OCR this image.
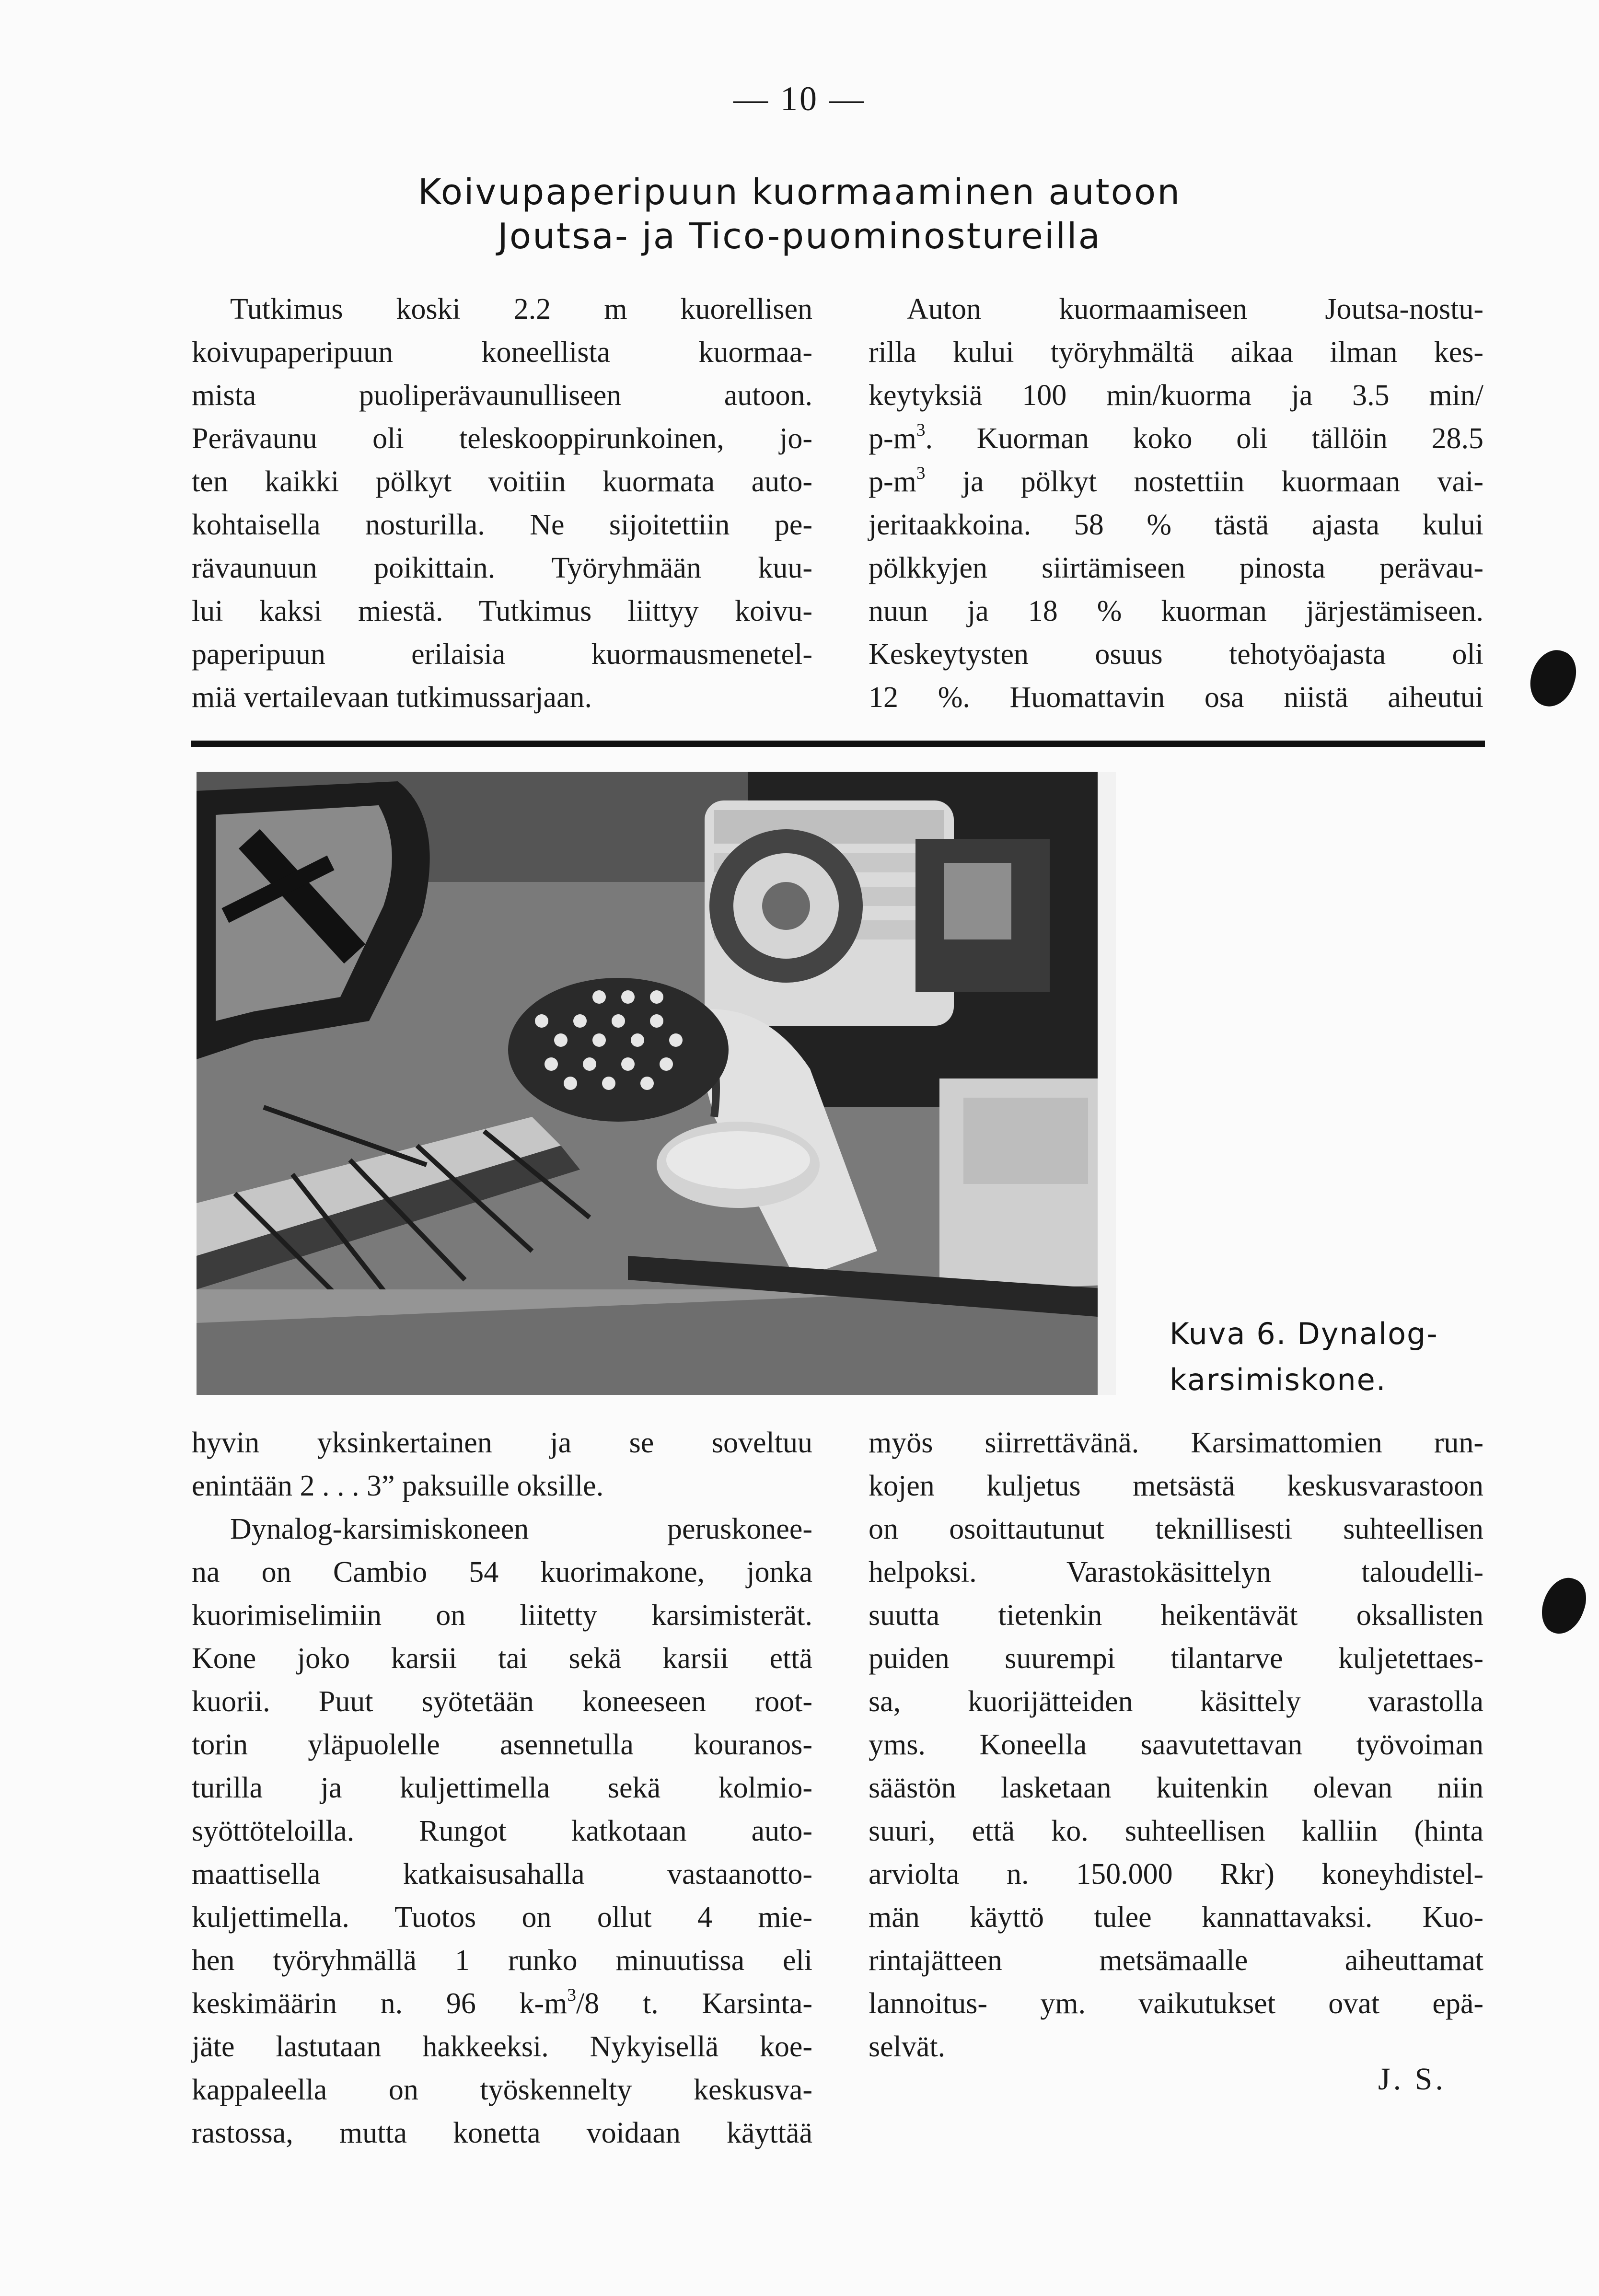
— 10 —
Koivupaperipuun kuormaaminen autoon
Joutsa- ja Tico-puominostureilla
Tutkimus koski 2.2 m kuorellisen
koivupaperipuun koneellista kuormaa-
mista puoliperävaunulliseen autoon.
Perävaunu oli teleskooppirunkoinen, jo-
ten kaikki pölkyt voitiin kuormata auto-
kohtaisella nosturilla. Ne sijoitettiin pe-
rävaunuun poikittain. Työryhmään kuu-
lui kaksi miestä. Tutkimus liittyy koivu-
paperipuun erilaisia kuormausmenetel-
miä vertailevaan tutkimussarjaan.
Auton kuormaamiseen Joutsa-nostu-
rilla kului työryhmältä aikaa ilman kes-
keytyksiä 100 min/kuorma ja 3.5 min/
$p-m^3$. Kuorman koko oli tällöin 28.5
$p-m^3$ ja pölkyt nostettiin kuormaan vai-
jeritaakkoina. 58 % tästä ajasta kului
pölkkyjen siirtämiseen pinosta perävau-
nuun ja 18 % kuorman järjestämiseen.
Keskeytysten osuus tehotyöajasta oli
12 %. Huomattavin osa niistä aiheutui
Kuva 6. Dynalog-
karsimiskone.
hyvin yksinkertainen ja se soveltuu
enintään 2 . . . 3” paksuille oksille.
Dynalog-karsimiskoneen peruskonee-
na on Cambio 54 kuorimakone, jonka
kuorimiselimiin on liitetty karsimisterät.
Kone joko karsii tai sekä karsii että
kuorii. Puut syötetään koneeseen root-
torin yläpuolelle asennetulla kouranos-
turilla ja kuljettimella sekä kolmio-
syöttöteloilla. Rungot katkotaan auto-
maattisella katkaisusahalla vastaanotto-
kuljettimella. Tuotos on ollut 4 mie-
hen työryhmällä 1 runko minuutissa eli
keskimäärin n. 96 $k-m^3/8$ t. Karsinta-
jäte lastutaan hakkeeksi. Nykyisellä koe-
kappaleella on työskennelty keskusva-
rastossa, mutta konetta voidaan käyttää
myös siirrettävänä. Karsimattomien run-
kojen kuljetus metsästä keskusvarastoon
on osoittautunut teknillisesti suhteellisen
helpoksi. Varastokäsittelyn taloudelli-
suutta tietenkin heikentävät oksallisten
puiden suurempi tilantarve kuljetettaes-
sa, kuorijätteiden käsittely varastolla
yms. Koneella saavutettavan työvoiman
säästön lasketaan kuitenkin olevan niin
suuri, että ko. suhteellisen kalliin (hinta
arviolta n. 150.000 Rkr) koneyhdistel-
män käyttö tulee kannattavaksi. Kuo-
rintajätteen metsämaalle aiheuttamat
lannoitus- ym. vaikutukset ovat epä-
selvät.
J. S.
